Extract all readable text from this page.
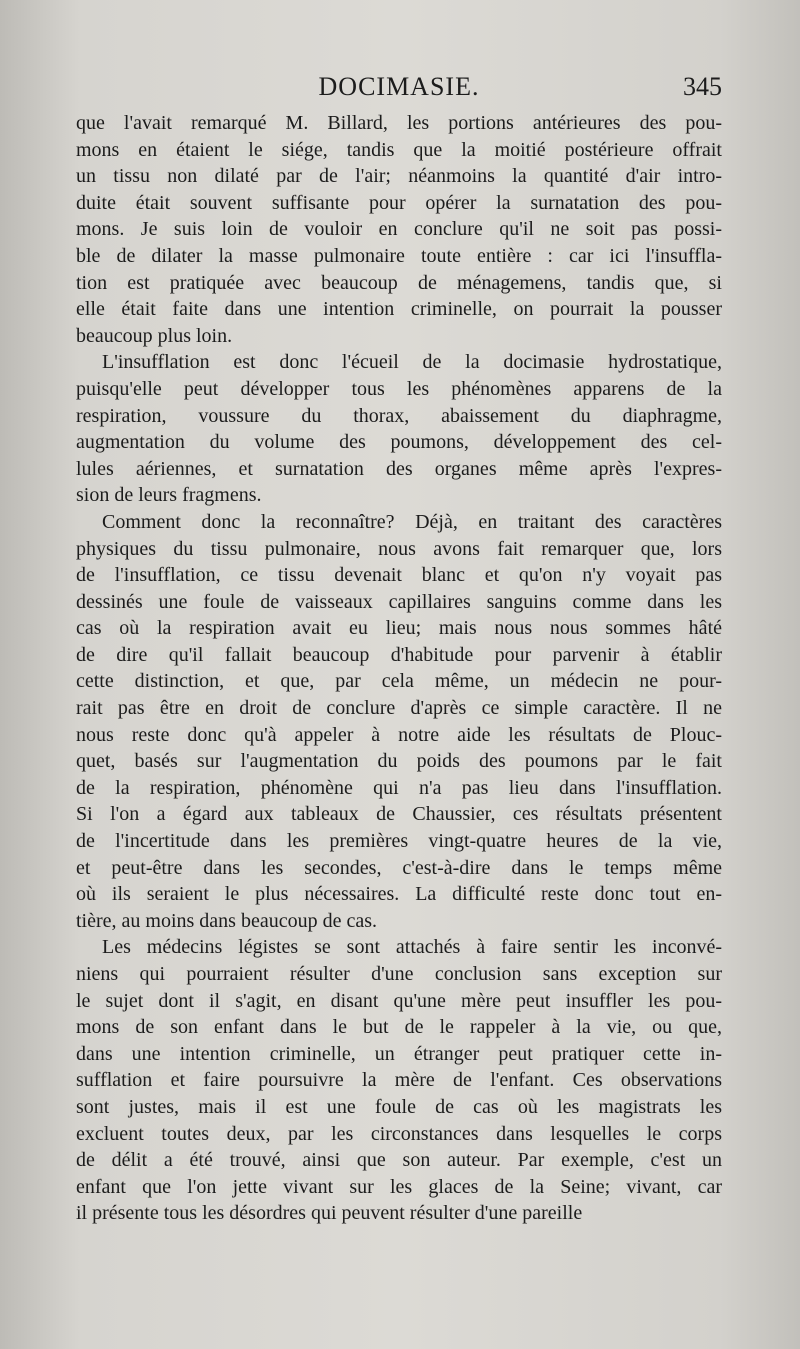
DOCIMASIE.	345
que l'avait remarqué M. Billard, les portions antérieures des pou-
mons en étaient le siége, tandis que la moitié postérieure offrait
un tissu non dilaté par de l'air; néanmoins la quantité d'air intro-
duite était souvent suffisante pour opérer la surnatation des pou-
mons. Je suis loin de vouloir en conclure qu'il ne soit pas possi-
ble de dilater la masse pulmonaire toute entière : car ici l'insuffla-
tion est pratiquée avec beaucoup de ménagemens, tandis que, si
elle était faite dans une intention criminelle, on pourrait la pousser
beaucoup plus loin.
L'insufflation est donc l'écueil de la docimasie hydrostatique,
puisqu'elle peut développer tous les phénomènes apparens de la
respiration, voussure du thorax, abaissement du diaphragme,
augmentation du volume des poumons, développement des cel-
lules aériennes, et surnatation des organes même après l'expres-
sion de leurs fragmens.
Comment donc la reconnaître? Déjà, en traitant des caractères
physiques du tissu pulmonaire, nous avons fait remarquer que, lors
de l'insufflation, ce tissu devenait blanc et qu'on n'y voyait pas
dessinés une foule de vaisseaux capillaires sanguins comme dans les
cas où la respiration avait eu lieu; mais nous nous sommes hâté
de dire qu'il fallait beaucoup d'habitude pour parvenir à établir
cette distinction, et que, par cela même, un médecin ne pour-
rait pas être en droit de conclure d'après ce simple caractère. Il ne
nous reste donc qu'à appeler à notre aide les résultats de Plouc-
quet, basés sur l'augmentation du poids des poumons par le fait
de la respiration, phénomène qui n'a pas lieu dans l'insufflation.
Si l'on a égard aux tableaux de Chaussier, ces résultats présentent
de l'incertitude dans les premières vingt-quatre heures de la vie,
et peut-être dans les secondes, c'est-à-dire dans le temps même
où ils seraient le plus nécessaires. La difficulté reste donc tout en-
tière, au moins dans beaucoup de cas.
Les médecins légistes se sont attachés à faire sentir les inconvé-
niens qui pourraient résulter d'une conclusion sans exception sur
le sujet dont il s'agit, en disant qu'une mère peut insuffler les pou-
mons de son enfant dans le but de le rappeler à la vie, ou que,
dans une intention criminelle, un étranger peut pratiquer cette in-
sufflation et faire poursuivre la mère de l'enfant. Ces observations
sont justes, mais il est une foule de cas où les magistrats les
excluent toutes deux, par les circonstances dans lesquelles le corps
de délit a été trouvé, ainsi que son auteur. Par exemple, c'est un
enfant que l'on jette vivant sur les glaces de la Seine; vivant, car
il présente tous les désordres qui peuvent résulter d'une pareille
